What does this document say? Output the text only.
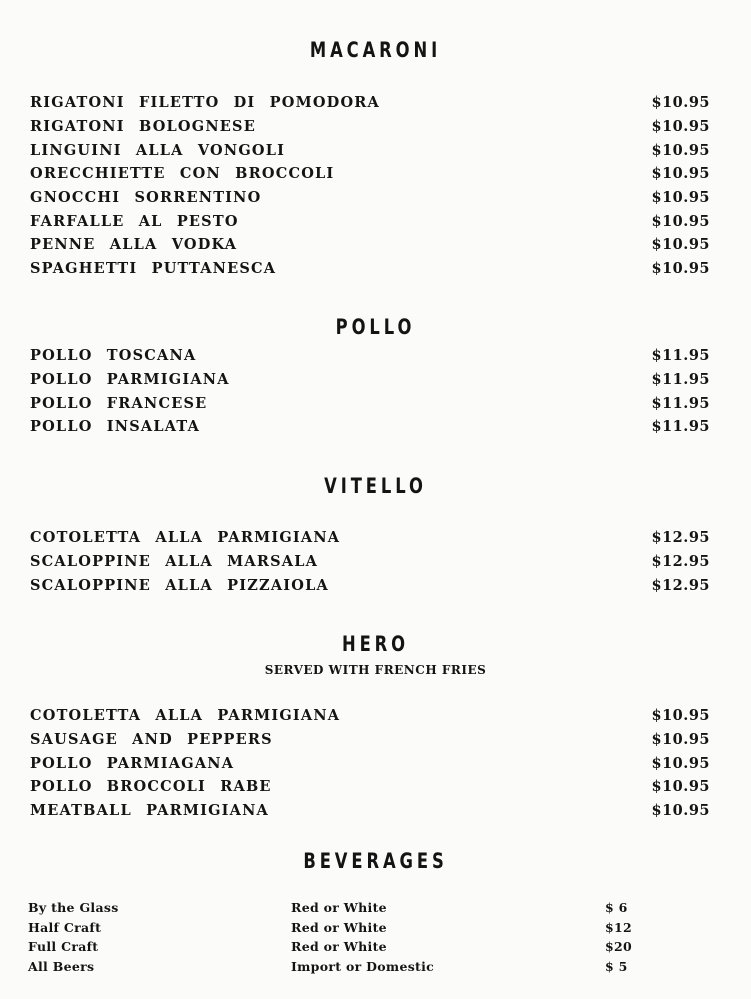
MACARONI
RIGATONI FILETTO DI POMODORA	$10.95
RIGATONI BOLOGNESE	$10.95
LINGUINI ALLA VONGOLI	$10.95
ORECCHIETTE CON BROCCOLI	$10.95
GNOCCHI SORRENTINO	$10.95
FARFALLE AL PESTO	$10.95
PENNE ALLA VODKA	$10.95
SPAGHETTI PUTTANESCA	$10.95
POLLO
POLLO TOSCANA	$11.95
POLLO PARMIGIANA	$11.95
POLLO FRANCESE	$11.95
POLLO INSALATA	$11.95
VITELLO
COTOLETTA ALLA PARMIGIANA	$12.95
SCALOPPINE ALLA MARSALA	$12.95
SCALOPPINE ALLA PIZZAIOLA	$12.95
HERO
SERVED WITH FRENCH FRIES
COTOLETTA ALLA PARMIGIANA	$10.95
SAUSAGE AND PEPPERS	$10.95
POLLO PARMIAGANA	$10.95
POLLO BROCCOLI RABE	$10.95
MEATBALL PARMIGIANA	$10.95
BEVERAGES
By the Glass	Red or White	$ 6
Half Craft	Red or White	$12
Full Craft	Red or White	$20
All Beers	Import or Domestic	$ 5
